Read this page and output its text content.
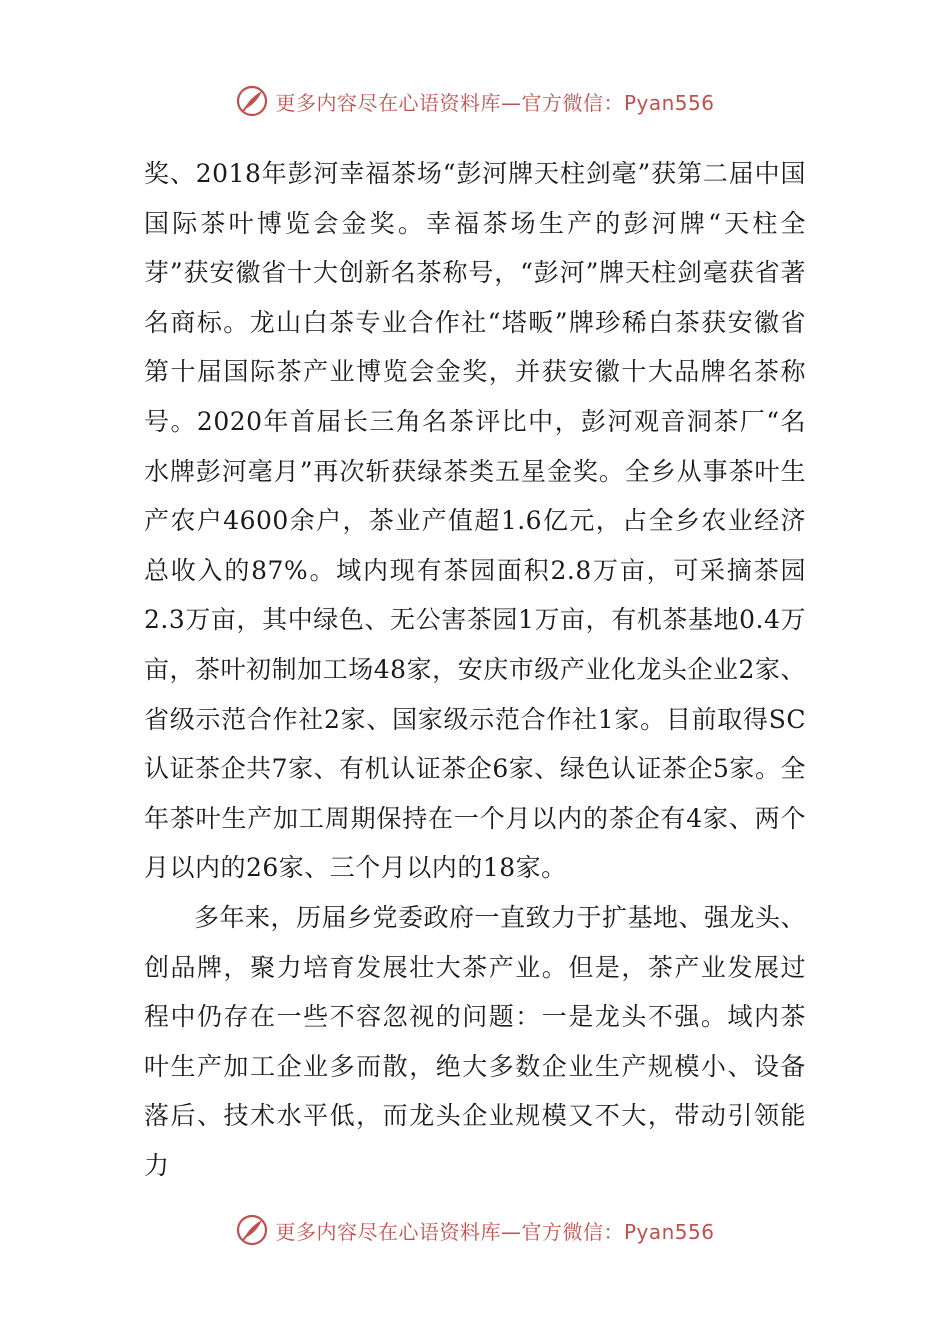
更多内容尽在心语资料库—官方微信：Pyan556

奖、2018年彭河幸福茶场“彭河牌天柱剑毫”获第二届中国国际茶叶博览会金奖。幸福茶场生产的彭河牌“天柱全芽”获安徽省十大创新名茶称号，“彭河”牌天柱剑毫获省著名商标。龙山白茶专业合作社“塔畈”牌珍稀白茶获安徽省第十届国际茶产业博览会金奖，并获安徽十大品牌名茶称号。2020年首届长三角名茶评比中，彭河观音洞茶厂“名水牌彭河毫月”再次斩获绿茶类五星金奖。全乡从事茶叶生产农户4600余户，茶业产值超1.6亿元，占全乡农业经济总收入的87%。域内现有茶园面积2.8万亩，可采摘茶园2.3万亩，其中绿色、无公害茶园1万亩，有机茶基地0.4万亩，茶叶初制加工场48家，安庆市级产业化龙头企业2家、省级示范合作社2家、国家级示范合作社1家。目前取得SC认证茶企共7家、有机认证茶企6家、绿色认证茶企5家。全年茶叶生产加工周期保持在一个月以内的茶企有4家、两个月以内的26家、三个月以内的18家。

多年来，历届乡党委政府一直致力于扩基地、强龙头、创品牌，聚力培育发展壮大茶产业。但是，茶产业发展过程中仍存在一些不容忽视的问题：一是龙头不强。域内茶叶生产加工企业多而散，绝大多数企业生产规模小、设备落后、技术水平低，而龙头企业规模又不大，带动引领能力

更多内容尽在心语资料库—官方微信：Pyan556
